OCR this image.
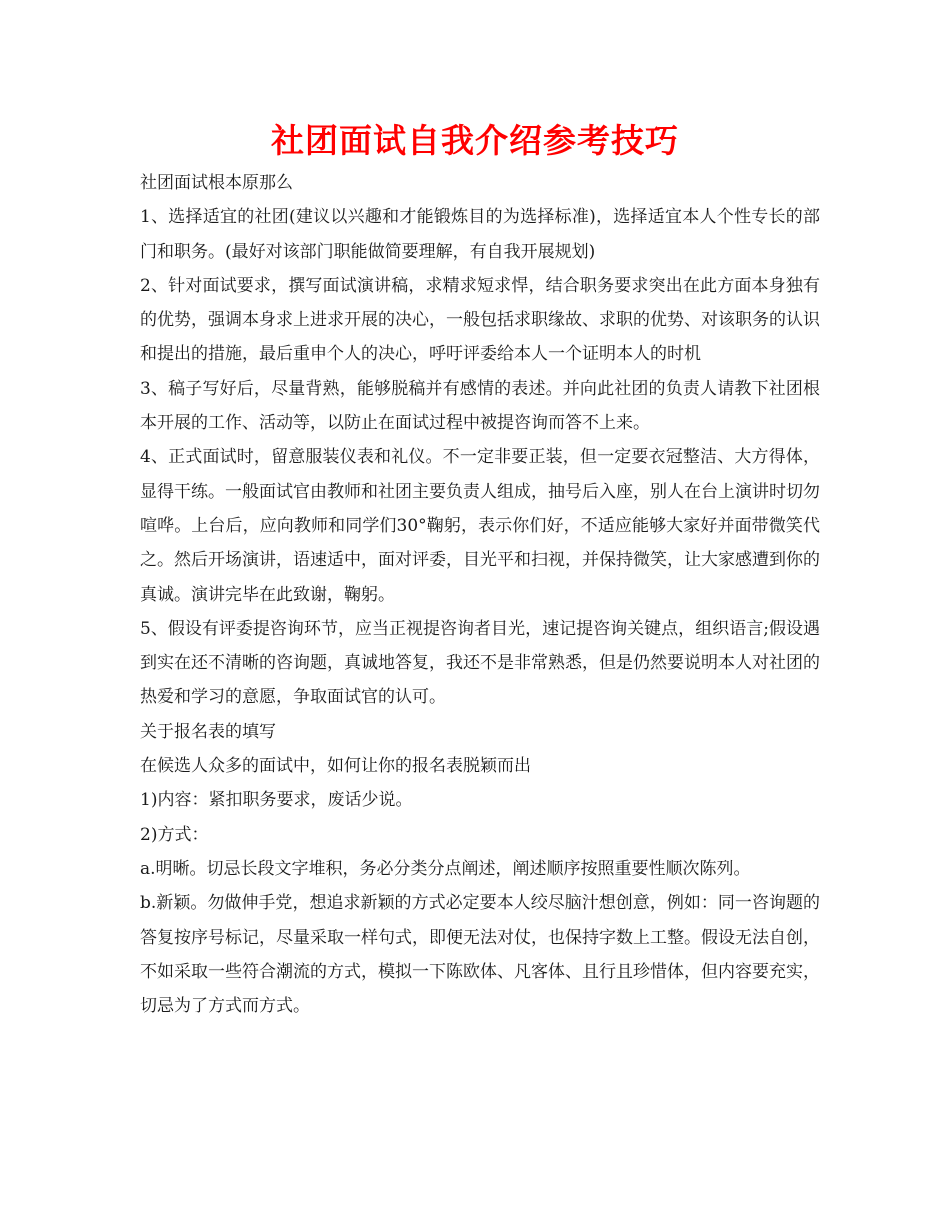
社团面试自我介绍参考技巧

社团面试根本原那么

1、选择适宜的社团(建议以兴趣和才能锻炼目的为选择标准)，选择适宜本人个性专长的部门和职务。(最好对该部门职能做简要理解，有自我开展规划)

2、针对面试要求，撰写面试演讲稿，求精求短求悍，结合职务要求突出在此方面本身独有的优势，强调本身求上进求开展的决心，一般包括求职缘故、求职的优势、对该职务的认识和提出的措施，最后重申个人的决心，呼吁评委给本人一个证明本人的时机

3、稿子写好后，尽量背熟，能够脱稿并有感情的表述。并向此社团的负责人请教下社团根本开展的工作、活动等，以防止在面试过程中被提咨询而答不上来。

4、正式面试时，留意服装仪表和礼仪。不一定非要正装，但一定要衣冠整洁、大方得体，显得干练。一般面试官由教师和社团主要负责人组成，抽号后入座，别人在台上演讲时切勿喧哗。上台后，应向教师和同学们30°鞠躬，表示你们好，不适应能够大家好并面带微笑代之。然后开场演讲，语速适中，面对评委，目光平和扫视，并保持微笑，让大家感遭到你的真诚。演讲完毕在此致谢，鞠躬。

5、假设有评委提咨询环节，应当正视提咨询者目光，速记提咨询关键点，组织语言;假设遇到实在还不清晰的咨询题，真诚地答复，我还不是非常熟悉，但是仍然要说明本人对社团的热爱和学习的意愿，争取面试官的认可。

关于报名表的填写

在候选人众多的面试中，如何让你的报名表脱颖而出

1)内容：紧扣职务要求，废话少说。

2)方式：

a.明晰。切忌长段文字堆积，务必分类分点阐述，阐述顺序按照重要性顺次陈列。

b.新颖。勿做伸手党，想追求新颖的方式必定要本人绞尽脑汁想创意，例如：同一咨询题的答复按序号标记，尽量采取一样句式，即便无法对仗，也保持字数上工整。假设无法自创，不如采取一些符合潮流的方式，模拟一下陈欧体、凡客体、且行且珍惜体，但内容要充实，切忌为了方式而方式。
